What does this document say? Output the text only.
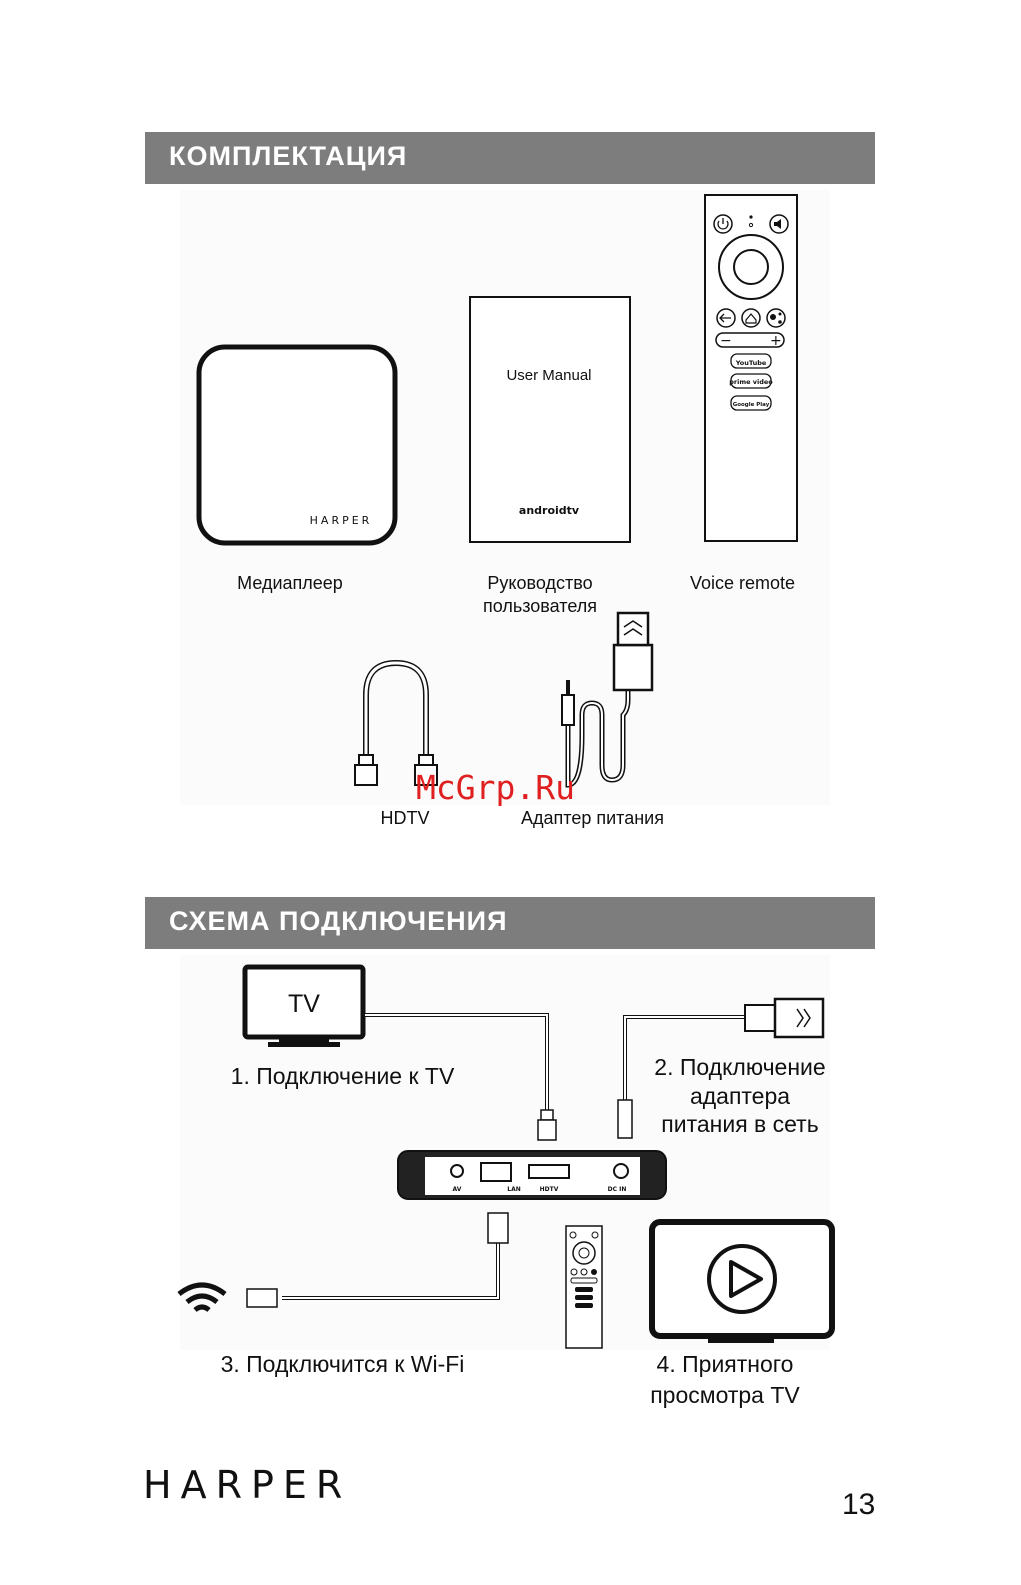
КОМПЛЕКТАЦИЯ
HARPER
User Manual
androidtv
−	+
YouTube
prime video
Google Play
Медиаплеер	Руководство
пользователя
Voice remote
HDTV	Адаптер питания
McGrp.Ru
СХЕМА ПОДКЛЮЧЕНИЯ
TV
1. Подключение к TV	2. Подключение
адаптера
питания в сеть
AV	LAN	HDTV	DC IN
3. Подключится к Wi-Fi	4. Приятного
просмотра TV
HARPER	13
